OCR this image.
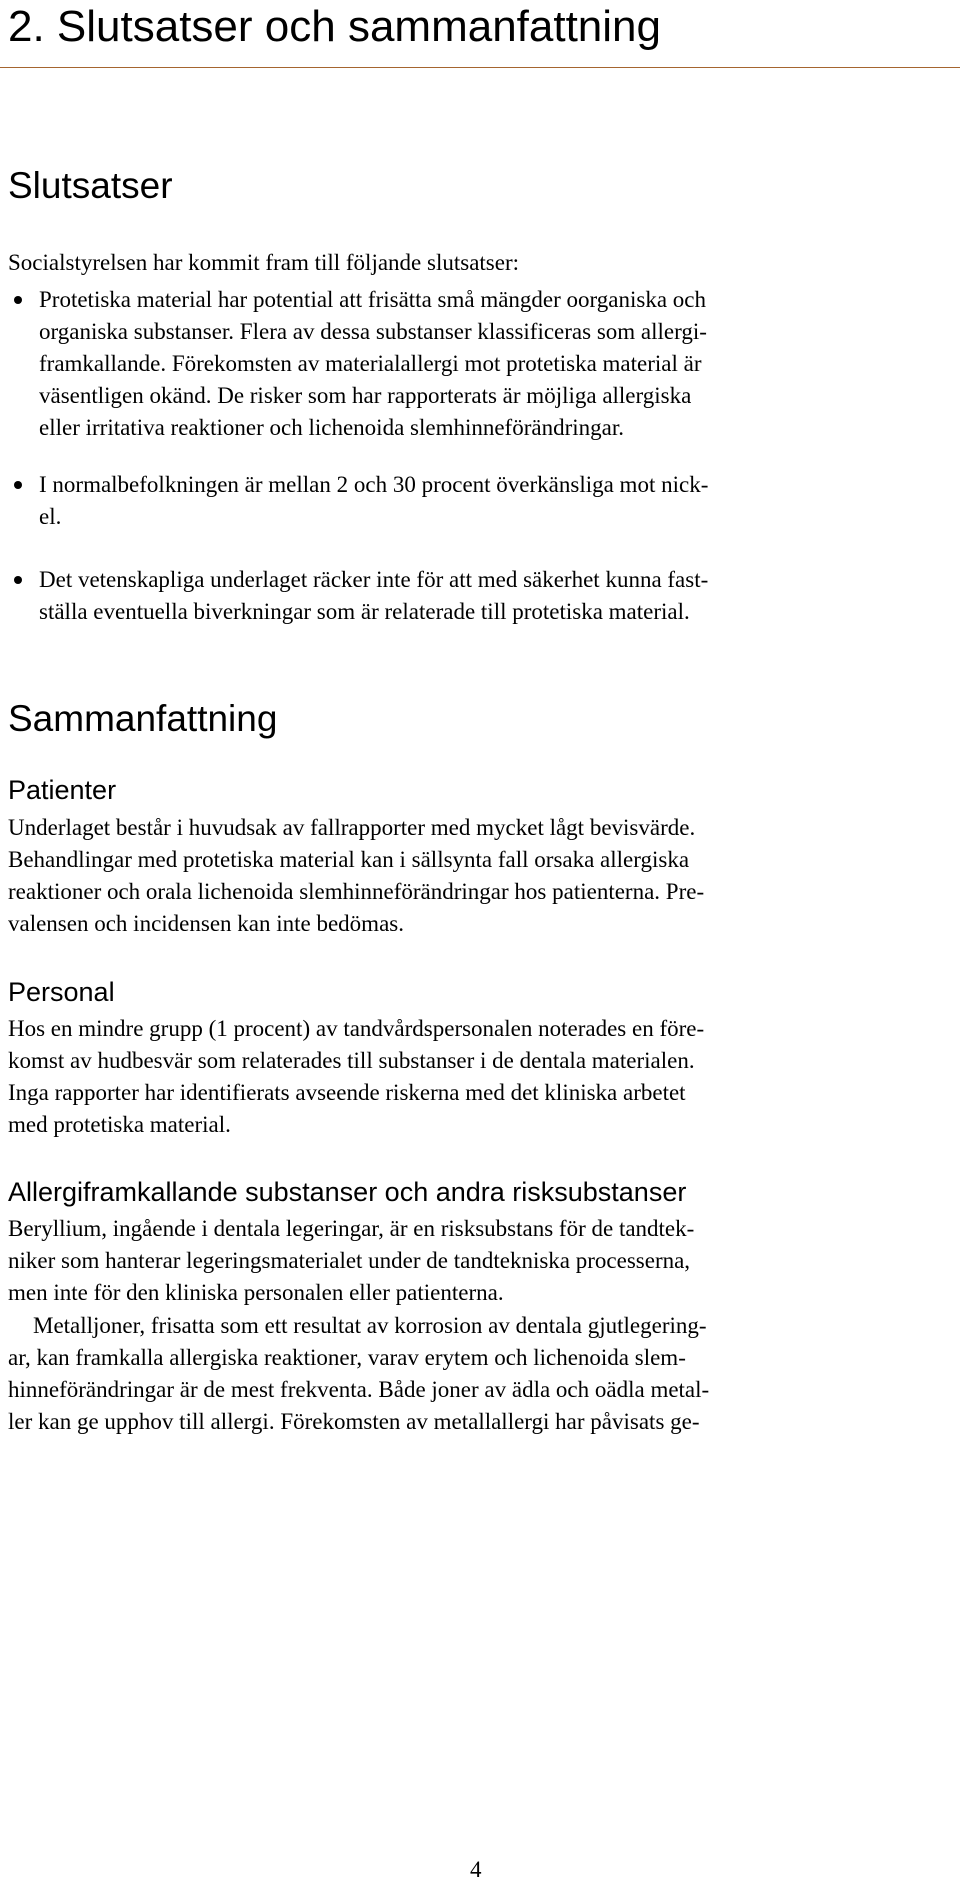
2. Slutsatser och sammanfattning
Slutsatser

Socialstyrelsen har kommit fram till följande slutsatser:

Protetiska material har potential att frisätta små mängder oorganiska och
organiska substanser. Flera av dessa substanser klassificeras som allergi-
framkallande. Förekomsten av materialallergi mot protetiska material är
väsentligen okänd. De risker som har rapporterats är möjliga allergiska
eller irritativa reaktioner och lichenoida slemhinneförändringar.
I normalbefolkningen är mellan 2 och 30 procent överkänsliga mot nick-
el.
Det vetenskapliga underlaget räcker inte för att med säkerhet kunna fast-
ställa eventuella biverkningar som är relaterade till protetiska material.
Sammanfattning
Patienter
Underlaget består i huvudsak av fallrapporter med mycket lågt bevisvärde.
Behandlingar med protetiska material kan i sällsynta fall orsaka allergiska
reaktioner och orala lichenoida slemhinneförändringar hos patienterna. Pre-
valensen och incidensen kan inte bedömas.
Personal
Hos en mindre grupp (1 procent) av tandvårdspersonalen noterades en före-
komst av hudbesvär som relaterades till substanser i de dentala materialen.
Inga rapporter har identifierats avseende riskerna med det kliniska arbetet
med protetiska material.
Allergiframkallande substanser och andra risksubstanser
Beryllium, ingående i dentala legeringar, är en risksubstans för de tandtek-
niker som hanterar legeringsmaterialet under de tandtekniska processerna,
men inte för den kliniska personalen eller patienterna.
Metalljoner, frisatta som ett resultat av korrosion av dentala gjutlegering-
ar, kan framkalla allergiska reaktioner, varav erytem och lichenoida slem-
hinneförändringar är de mest frekventa. Både joner av ädla och oädla metal-
ler kan ge upphov till allergi. Förekomsten av metallallergi har påvisats ge-
4
